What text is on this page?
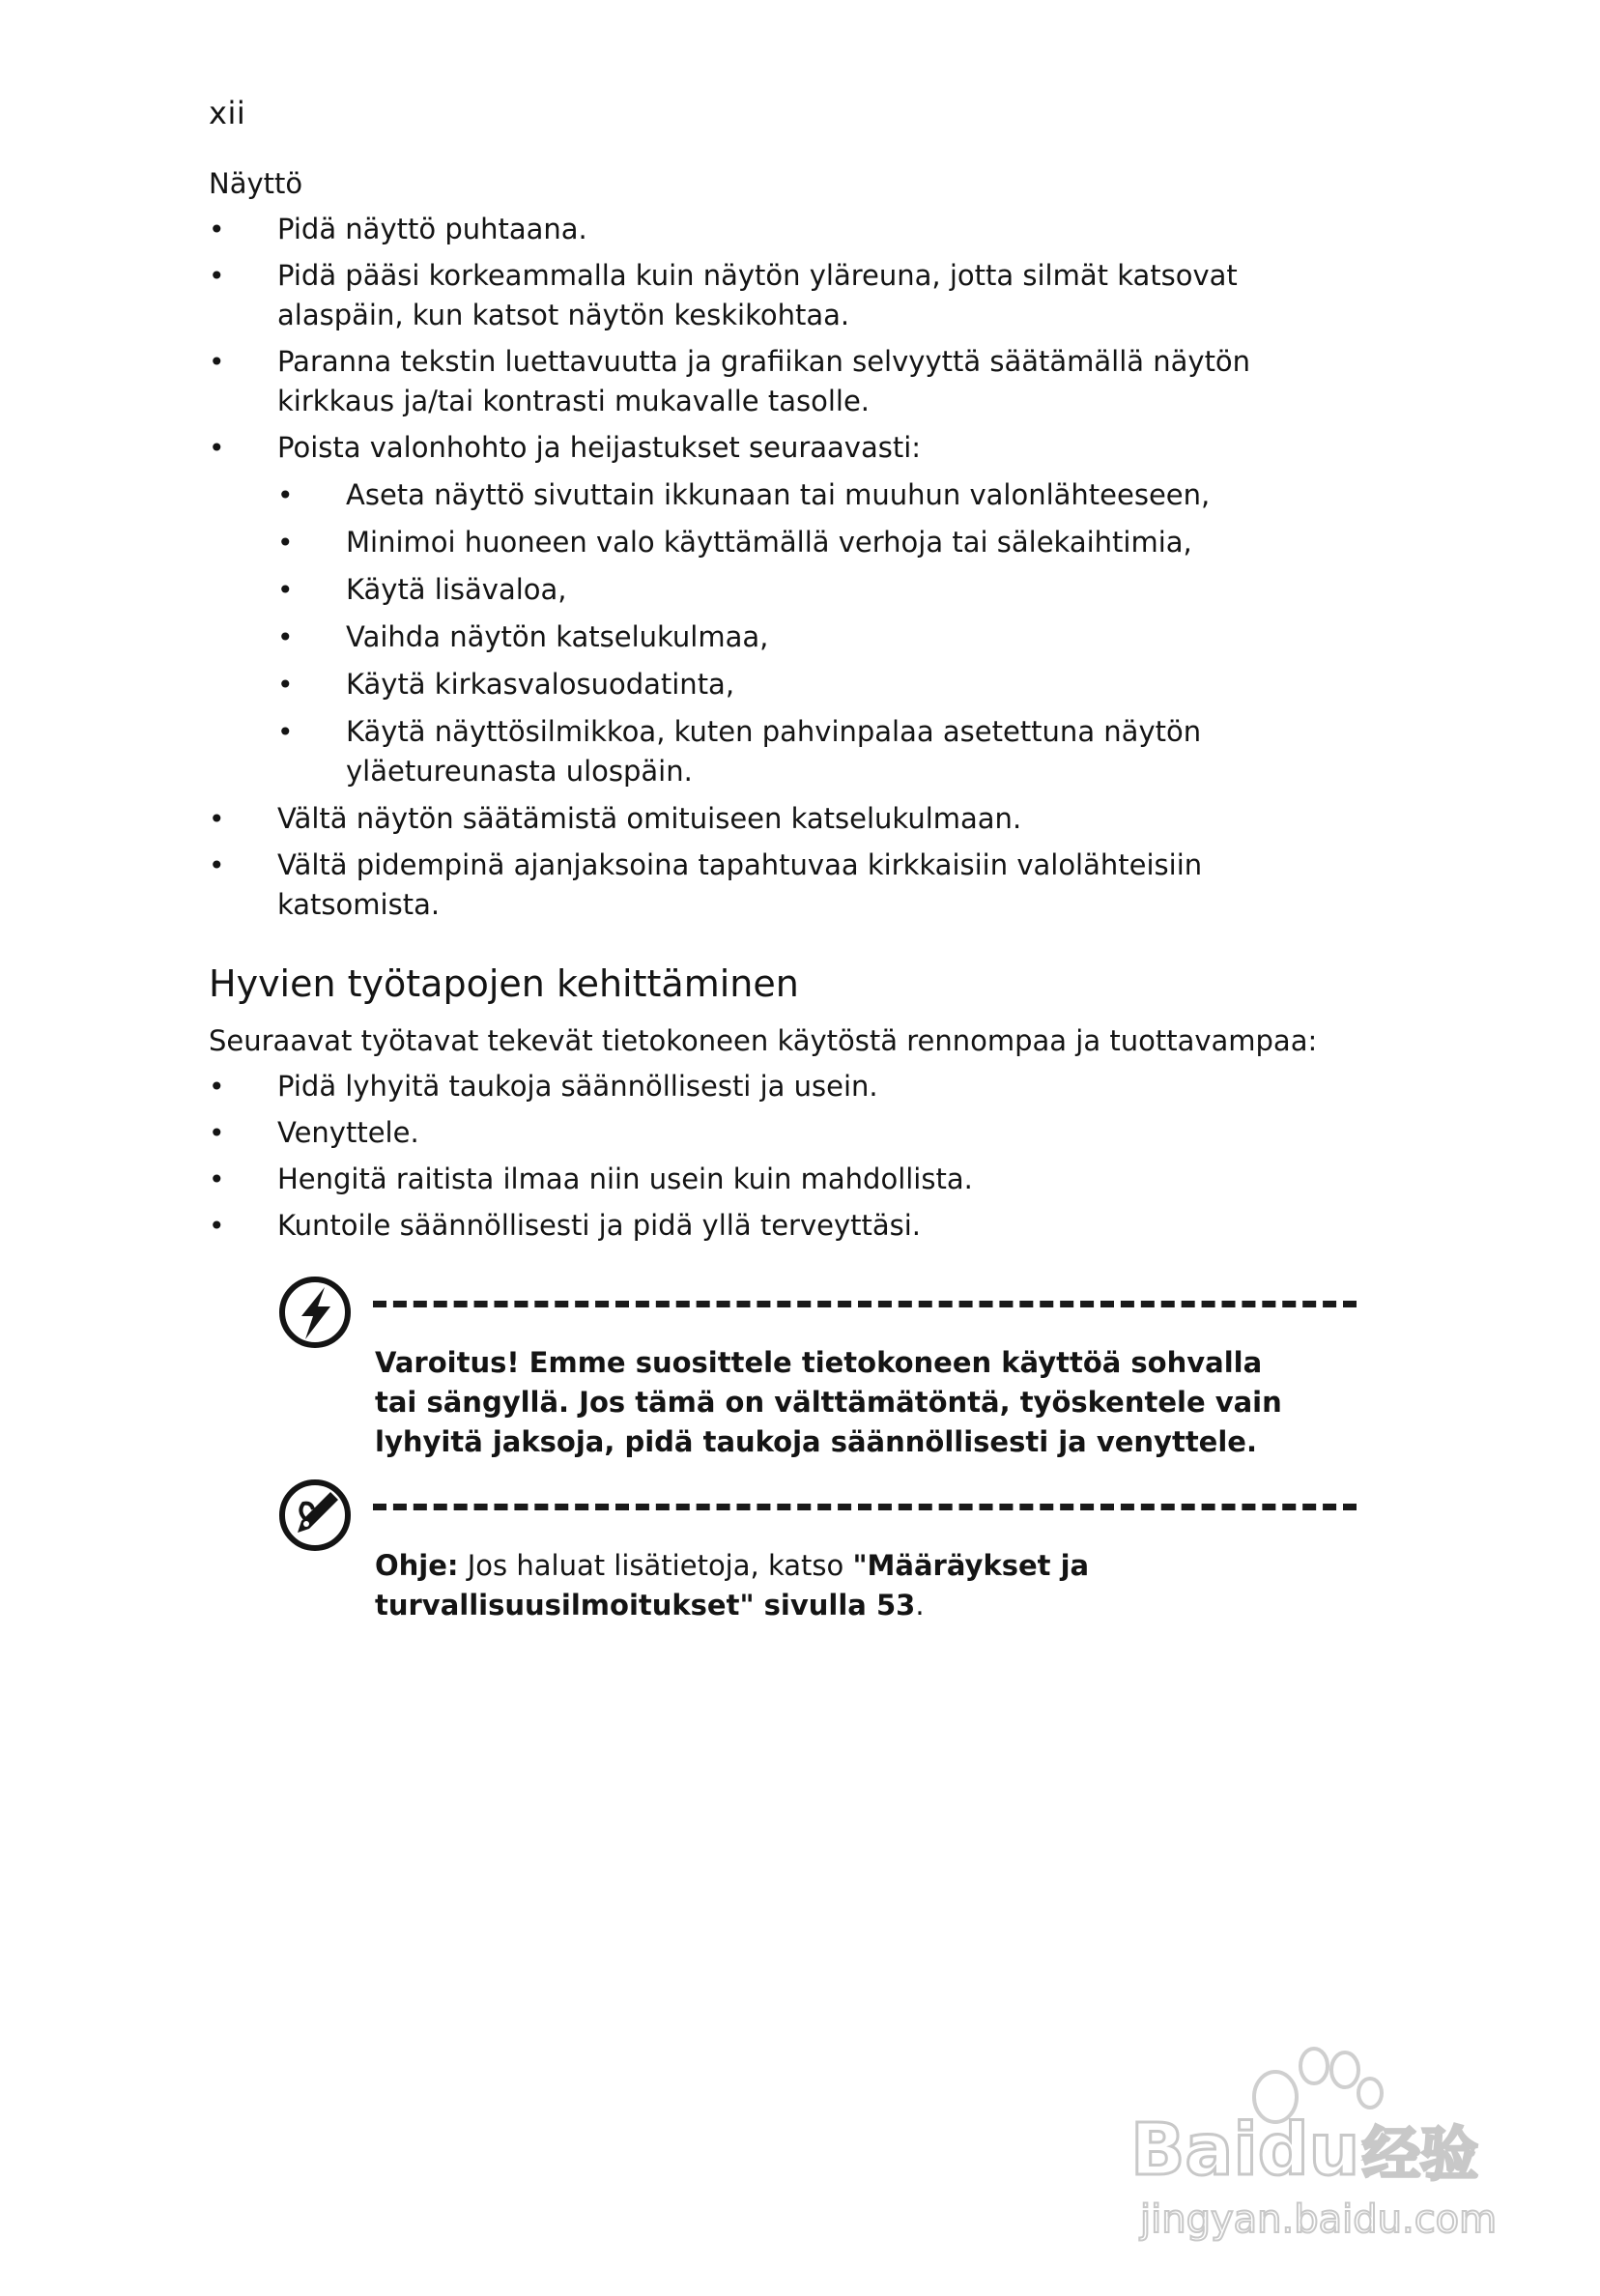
xii

Näyttö

•	Pidä näyttö puhtaana.
•	Pidä pääsi korkeammalla kuin näytön yläreuna, jotta silmät katsovat alaspäin, kun katsot näytön keskikohtaa.
•	Paranna tekstin luettavuutta ja grafiikan selvyyttä säätämällä näytön kirkkaus ja/tai kontrasti mukavalle tasolle.
•	Poista valonhohto ja heijastukset seuraavasti:
•	Aseta näyttö sivuttain ikkunaan tai muuhun valonlähteeseen,
•	Minimoi huoneen valo käyttämällä verhoja tai sälekaihtimia,
•	Käytä lisävaloa,
•	Vaihda näytön katselukulmaa,
•	Käytä kirkasvalosuodatinta,
•	Käytä näyttösilmikkoa, kuten pahvinpalaa asetettuna näytön yläetureunasta ulospäin.
•	Vältä näytön säätämistä omituiseen katselukulmaan.
•	Vältä pidempinä ajanjaksoina tapahtuvaa kirkkaisiin valolähteisiin katsomista.
Hyvien työtapojen kehittäminen

Seuraavat työtavat tekevät tietokoneen käytöstä rennompaa ja tuottavampaa:

•	Pidä lyhyitä taukoja säännöllisesti ja usein.
•	Venyttele.
•	Hengitä raitista ilmaa niin usein kuin mahdollista.
•	Kuntoile säännöllisesti ja pidä yllä terveyttäsi.
Varoitus! Emme suosittele tietokoneen käyttöä sohvalla tai sängyllä. Jos tämä on välttämätöntä, työskentele vain lyhyitä jaksoja, pidä taukoja säännöllisesti ja venyttele.
Ohje: Jos haluat lisätietoja, katso "Määräykset ja turvallisuusilmoitukset" sivulla 53.
Baidu 经验
jingyan.baidu.com
